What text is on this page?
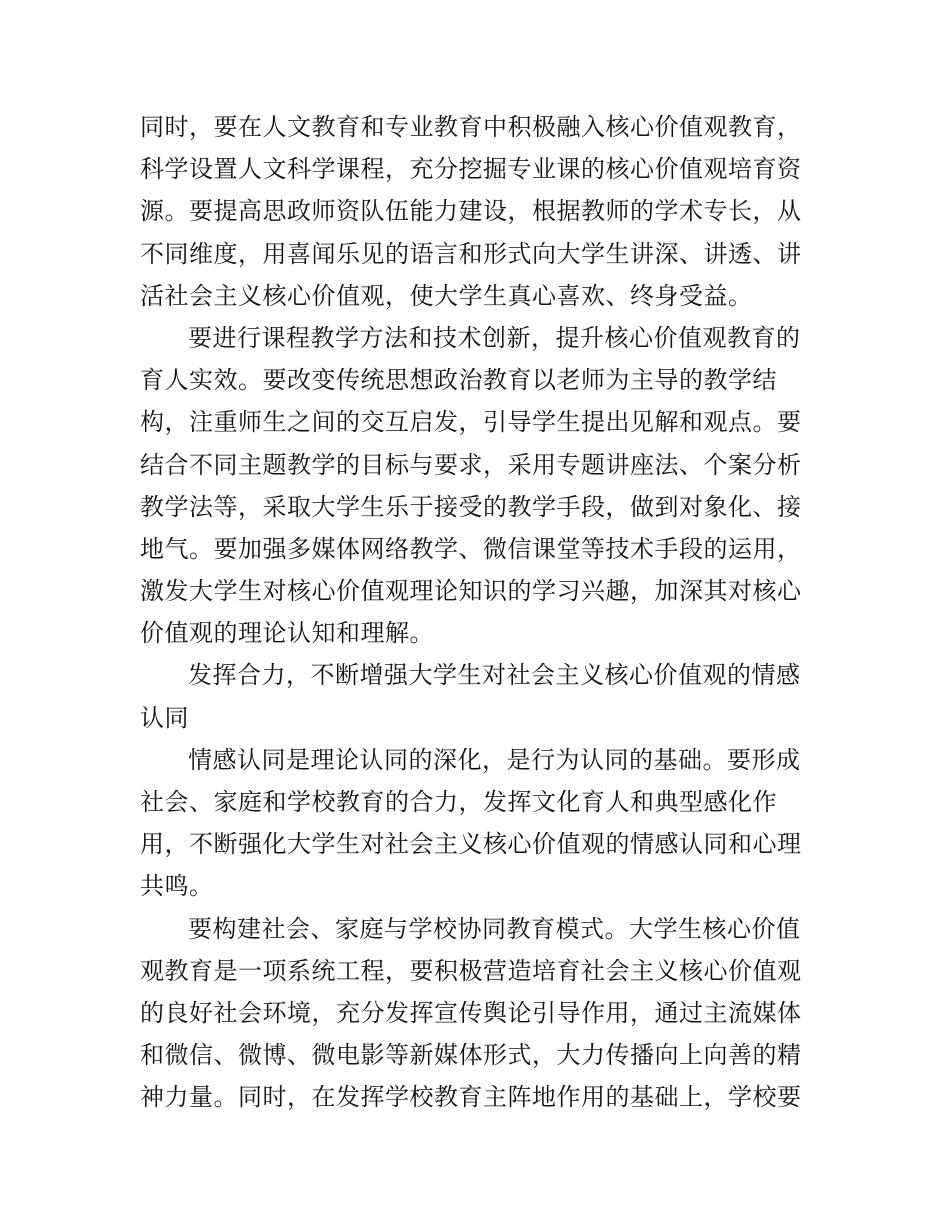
同时，要在人文教育和专业教育中积极融入核心价值观教育，
科学设置人文科学课程，充分挖掘专业课的核心价值观培育资
源。要提高思政师资队伍能力建设，根据教师的学术专长，从
不同维度，用喜闻乐见的语言和形式向大学生讲深、讲透、讲
活社会主义核心价值观，使大学生真心喜欢、终身受益。
要进行课程教学方法和技术创新，提升核心价值观教育的
育人实效。要改变传统思想政治教育以老师为主导的教学结
构，注重师生之间的交互启发，引导学生提出见解和观点。要
结合不同主题教学的目标与要求，采用专题讲座法、个案分析
教学法等，采取大学生乐于接受的教学手段，做到对象化、接
地气。要加强多媒体网络教学、微信课堂等技术手段的运用，
激发大学生对核心价值观理论知识的学习兴趣，加深其对核心
价值观的理论认知和理解。
发挥合力，不断增强大学生对社会主义核心价值观的情感
认同
情感认同是理论认同的深化，是行为认同的基础。要形成
社会、家庭和学校教育的合力，发挥文化育人和典型感化作
用，不断强化大学生对社会主义核心价值观的情感认同和心理
共鸣。
要构建社会、家庭与学校协同教育模式。大学生核心价值
观教育是一项系统工程，要积极营造培育社会主义核心价值观
的良好社会环境，充分发挥宣传舆论引导作用，通过主流媒体
和微信、微博、微电影等新媒体形式，大力传播向上向善的精
神力量。同时，在发挥学校教育主阵地作用的基础上，学校要
